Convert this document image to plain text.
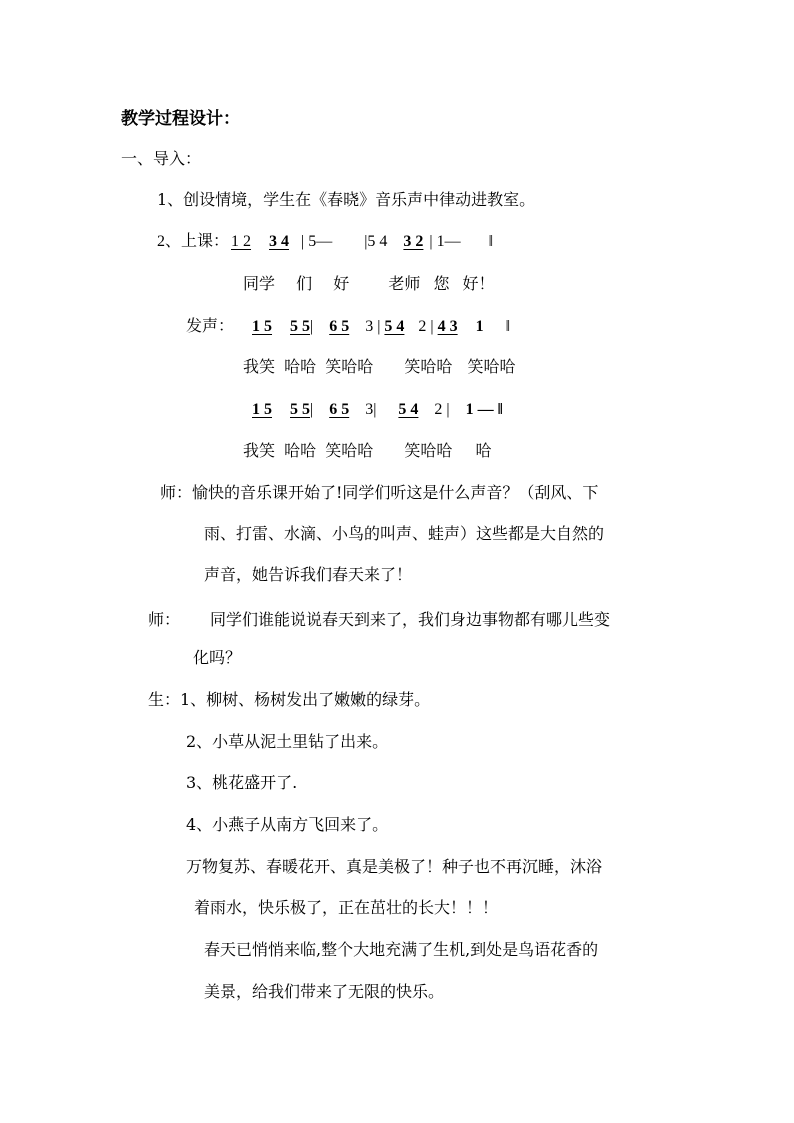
教学过程设计：
一、导入：
1、创设情境，学生在《春晓》音乐声中律动进教室。
2、上课： 1 2 3 4 | 5— |5 4 3 2 | 1— ‖
同学 们 好 老师 您 好！
发声： 1 5 5 5| 6 5 3 | 5 4 2 | 4 3 1 ‖
我笑 哈哈 笑哈哈 笑哈哈 笑哈哈
1 5 5 5| 6 5 3| 5 4 2 | 1 — ‖
我笑 哈哈 笑哈哈 笑哈哈 哈
师：愉快的音乐课开始了!同学们听这是什么声音？（刮风、下
雨、打雷、水滴、小鸟的叫声、蛙声）这些都是大自然的
声音，她告诉我们春天来了！
师： 同学们谁能说说春天到来了，我们身边事物都有哪儿些变
化吗？
生：1、柳树、杨树发出了嫩嫩的绿芽。
2、小草从泥土里钻了出来。
3、桃花盛开了.
4、小燕子从南方飞回来了。
万物复苏、春暖花开、真是美极了！种子也不再沉睡，沐浴
着雨水，快乐极了，正在茁壮的长大！！！
春天已悄悄来临,整个大地充满了生机,到处是鸟语花香的
美景，给我们带来了无限的快乐。
